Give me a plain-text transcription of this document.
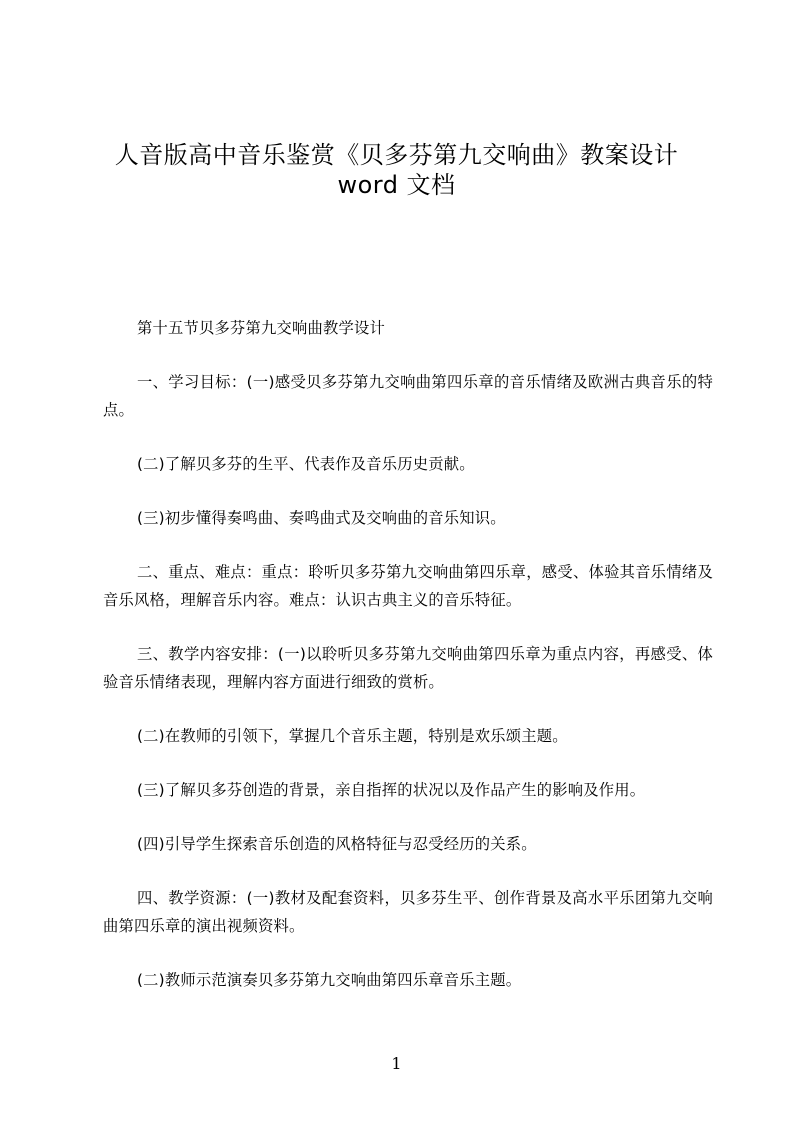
人音版高中音乐鉴赏《贝多芬第九交响曲》教案设计
word 文档

第十五节贝多芬第九交响曲教学设计

一、学习目标：(一)感受贝多芬第九交响曲第四乐章的音乐情绪及欧洲古典音乐的特点。

(二)了解贝多芬的生平、代表作及音乐历史贡献。

(三)初步懂得奏鸣曲、奏鸣曲式及交响曲的音乐知识。

二、重点、难点：重点：聆听贝多芬第九交响曲第四乐章，感受、体验其音乐情绪及音乐风格，理解音乐内容。难点：认识古典主义的音乐特征。

三、教学内容安排：(一)以聆听贝多芬第九交响曲第四乐章为重点内容，再感受、体验音乐情绪表现，理解内容方面进行细致的赏析。

(二)在教师的引领下，掌握几个音乐主题，特别是欢乐颂主题。

(三)了解贝多芬创造的背景，亲自指挥的状况以及作品产生的影响及作用。

(四)引导学生探索音乐创造的风格特征与忍受经历的关系。

四、教学资源：(一)教材及配套资料，贝多芬生平、创作背景及高水平乐团第九交响曲第四乐章的演出视频资料。

(二)教师示范演奏贝多芬第九交响曲第四乐章音乐主题。

1
